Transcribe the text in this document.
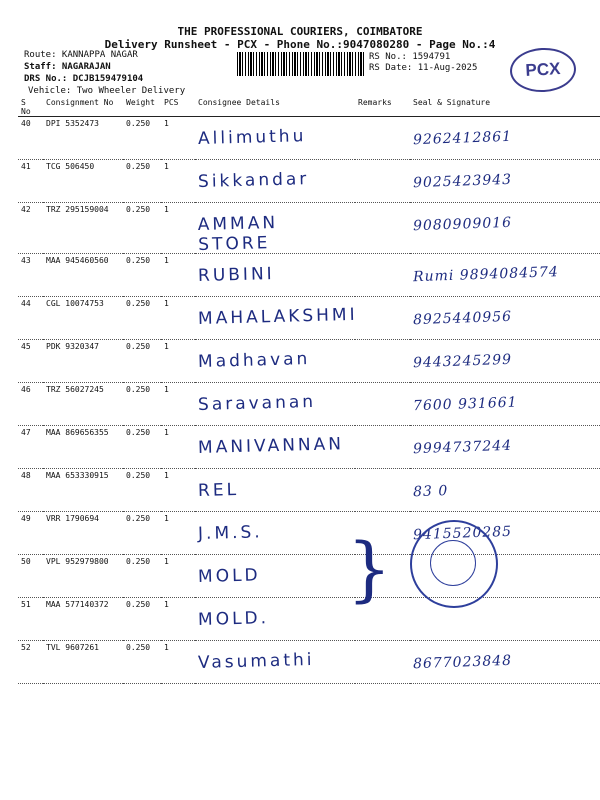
THE PROFESSIONAL COURIERS, COIMBATORE
Delivery Runsheet - PCX - Phone No.:9047080280 - Page No.:4
Route: KANNAPPA NAGAR
Staff: NAGARAJAN
DRS No.: DCJB159479104
Vehicle: Two Wheeler Delivery
RS No.: 1594791
RS Date: 11-Aug-2025	PCX
S No	Consignment No	Weight	PCS	Consignee Details	Remarks	Seal & Signature
40	DPI 5352473	0.250	1	Allimuthu		9262412861

41	TCG 506450	0.250	1	Sikkandar		9025423943

42	TRZ 295159004	0.250	1	AMMAN STORE		9080909016

43	MAA 945460560	0.250	1	RUBINI		Rumi 9894084574

44	CGL 10074753	0.250	1	MAHALAKSHMI		8925440956

45	PDK 9320347	0.250	1	Madhavan		9443245299

46	TRZ 56027245	0.250	1	Saravanan		7600 931661

47	MAA 869656355	0.250	1	MANIVANNAN		9994737244

48	MAA 653330915	0.250	1	REL		83 0

49	VRR 1790694	0.250	1	J.M.S.		9415520285

50	VPL 952979800	0.250	1	MOLD		

51	MAA 577140372	0.250	1	MOLD.		

52	TVL 9607261	0.250	1	Vasumathi		8677023848
}
